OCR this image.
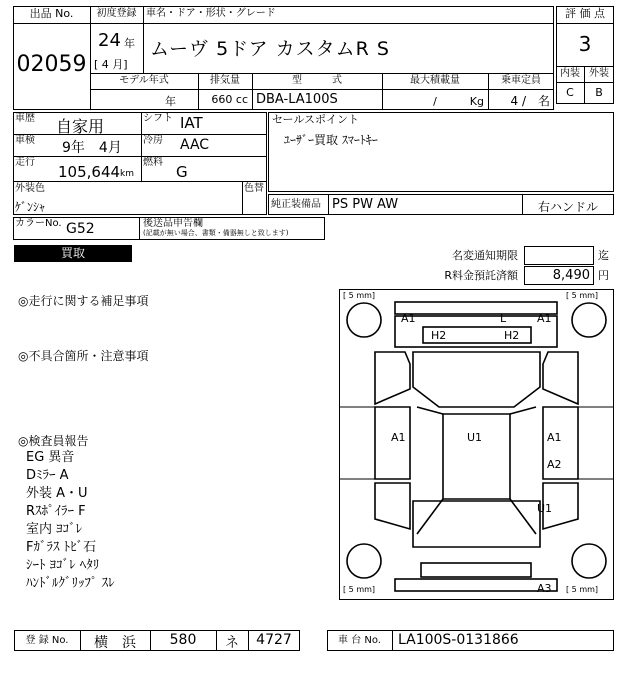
出品 No.
02059
初度登録 車名・ドア・形状・グレード
24 年
[ 4 月]
ムーヴ 5ドア カスタムR S
モデル年式	排気量	型　　　式	最大積載量	乗車定員
年	660 cc DBA-LA100S	/　　　Kg	4 /　名
評 価 点
3
内装 外装
C	B
車歴 自家用	シフト IAT
車検 9年　4月 冷房 AAC
走行
105,644 km
燃料
G
外装色
ｹﾞﾝｼｬ
色替
セールスポイント
ﾕｰｻﾞｰ買取 ｽﾏｰﾄｷｰ
純正装備品 PS PW AW	右ハンドル
カラーNo. G52	後送品申告欄
(記載が無い場合、書類・備器無しと致します)
買取	名変通知期限	迄
R料金預託済額	8,490 円
◎走行に関する補足事項
◎不具合箇所・注意事項
◎検査員報告
EG 異音
Dﾐﾗｰ A
外装 A・U
Rｽﾎﾟｲﾗｰ F
室内 ﾖｺﾞﾚ
Fｶﾞﾗｽ ﾄﾋﾞ石
ｼｰﾄ ﾖｺﾞﾚ ﾍﾀﾘ
ﾊﾝﾄﾞﾙｸﾞﾘｯﾌﾟ ｽﾚ
[ 5 mm]	[ 5 mm]
[ 5 mm]	[ 5 mm]
A1	L	A1
H2	H2
A1	U1	A1
A2
U1
A3
登 録 No.	横　浜	580	ネ	4727	車 台 No.	LA100S-0131866
